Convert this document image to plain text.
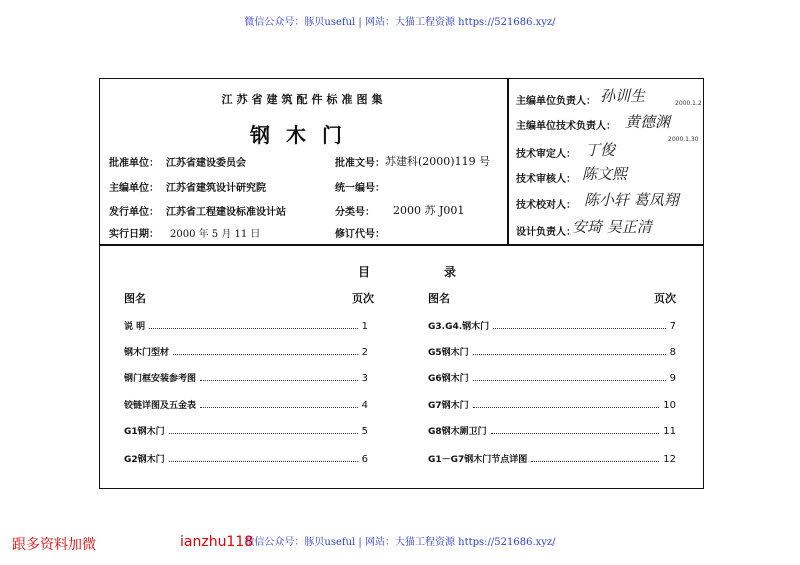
微信公众号：豚贝useful | 网站：大猫工程资源 https://521686.xyz/
江苏省建筑配件标准图集
钢木门
批准单位： 江苏省建设委员会
主编单位： 江苏省建筑设计研究院
发行单位： 江苏省工程建设标准设计站
实行日期： 2000 年 5 月 11 日
批准文号： 苏建科(2000)119 号
统一编号：
分类号： 2000 苏 J001
修订代号：
主编单位负责人： 孙训生	2000.1.2
主编单位技术负责人： 黄德渊
2000.1.30
技术审定人： 丁俊
技术审核人： 陈文熙
技术校对人： 陈小轩 葛凤翔
设计负责人：
安琦 吴正清
目	录
图名	页次	图名	页次
说 明	1
钢木门型材	2
钢门框安装参考图	3
铰链详图及五金表	4
G1钢木门	5
G2钢木门	6
G3.G4.钢木门	7
G5钢木门	8
G6钢木门	9
G7钢木门	10
G8钢木厕卫门	11
G1－G7钢木门节点详图	12
微信公众号：豚贝useful | 网站：大猫工程资源 https://521686.xyz/
跟多资料加微	ianzhu118
